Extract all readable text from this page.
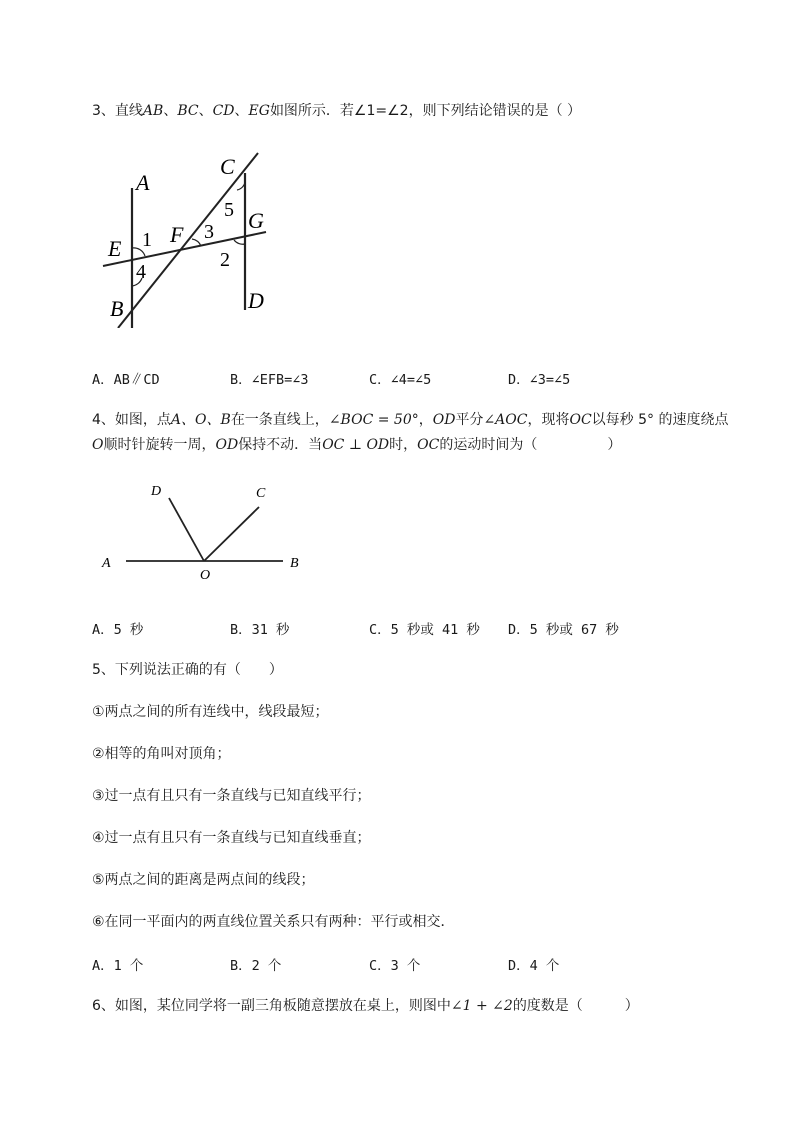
3、直线AB、BC、CD、EG如图所示．若∠1=∠2，则下列结论错误的是（ ）
A
B
C
D
E
F
G
1
2
3
4
5
A．AB∥CD	B．∠EFB=∠3	C．∠4=∠5	D．∠3=∠5
4、如图，点A、O、B在一条直线上，∠BOC = 50°，OD平分∠AOC，现将OC以每秒 5° 的速度绕点
O顺时针旋转一周，OD保持不动．当OC ⊥ OD时，OC的运动时间为（　　　　　）
A	B
C
D
O
A．5 秒	B．31 秒	C．5 秒或 41 秒 D．5 秒或 67 秒
5、下列说法正确的有（　　）
①两点之间的所有连线中，线段最短；
②相等的角叫对顶角；
③过一点有且只有一条直线与已知直线平行；
④过一点有且只有一条直线与已知直线垂直；
⑤两点之间的距离是两点间的线段；
⑥在同一平面内的两直线位置关系只有两种：平行或相交．
A．1 个	B．2 个	C．3 个	D．4 个
6、如图，某位同学将一副三角板随意摆放在桌上，则图中∠1 + ∠2的度数是（　　　）
